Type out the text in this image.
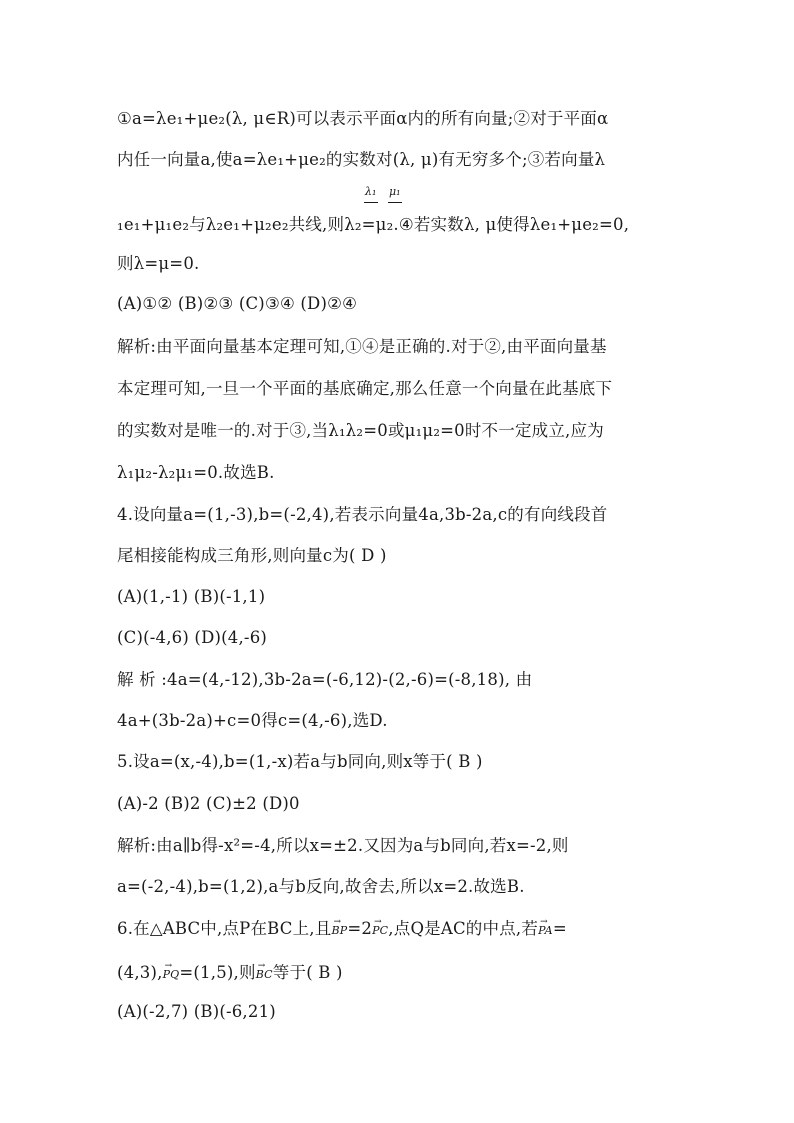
①a=λe₁+μe₂(λ, μ∈R)可以表示平面α内的所有向量;②对于平面α
内任一向量a,使a=λe₁+μe₂的实数对(λ, μ)有无穷多个;③若向量λ
λ₁ μ₁
₁e₁+μ₁e₂与λ₂e₁+μ₂e₂共线,则λ₂=μ₂.④若实数λ, μ使得λe₁+μe₂=0,
则λ=μ=0.
(A)①② (B)②③ (C)③④ (D)②④
解析:由平面向量基本定理可知,①④是正确的.对于②,由平面向量基
本定理可知,一旦一个平面的基底确定,那么任意一个向量在此基底下
的实数对是唯一的.对于③,当λ₁λ₂=0或μ₁μ₂=0时不一定成立,应为
λ₁μ₂-λ₂μ₁=0.故选B.
4.设向量a=(1,-3),b=(-2,4),若表示向量4a,3b-2a,c的有向线段首
尾相接能构成三角形,则向量c为( D )
(A)(1,-1) (B)(-1,1)
(C)(-4,6) (D)(4,-6)
解 析 :4a=(4,-12),3b-2a=(-6,12)-(2,-6)=(-8,18), 由
4a+(3b-2a)+c=0得c=(4,-6),选D.
5.设a=(x,-4),b=(1,-x)若a与b同向,则x等于( B )
(A)-2 (B)2 (C)±2 (D)0
解析:由a∥b得-x²=-4,所以x=±2.又因为a与b同向,若x=-2,则
a=(-2,-4),b=(1,2),a与b反向,故舍去,所以x=2.故选B.
6.在△ABC中,点P在BC上,且→ BP=2→ PC,点Q是AC的中点,若→ PA=
(4,3),→ PQ=(1,5),则→ BC等于( B )
(A)(-2,7) (B)(-6,21)
